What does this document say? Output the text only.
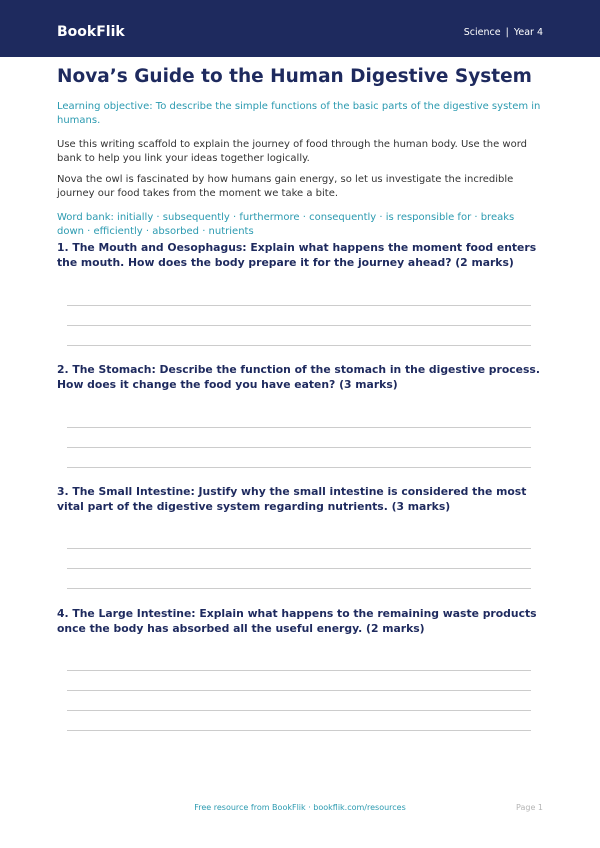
BookFlik	Science | Year 4
Nova’s Guide to the Human Digestive System
Learning objective: To describe the simple functions of the basic parts of the digestive system in humans.
Use this writing scaffold to explain the journey of food through the human body. Use the word bank to help you link your ideas together logically.
Nova the owl is fascinated by how humans gain energy, so let us investigate the incredible journey our food takes from the moment we take a bite.
Word bank: initially · subsequently · furthermore · consequently · is responsible for · breaks down · efficiently · absorbed · nutrients
1. The Mouth and Oesophagus: Explain what happens the moment food enters the mouth. How does the body prepare it for the journey ahead? (2 marks)
2. The Stomach: Describe the function of the stomach in the digestive process. How does it change the food you have eaten? (3 marks)
3. The Small Intestine: Justify why the small intestine is considered the most vital part of the digestive system regarding nutrients. (3 marks)
4. The Large Intestine: Explain what happens to the remaining waste products once the body has absorbed all the useful energy. (2 marks)
Free resource from BookFlik · bookflik.com/resources	Page 1
